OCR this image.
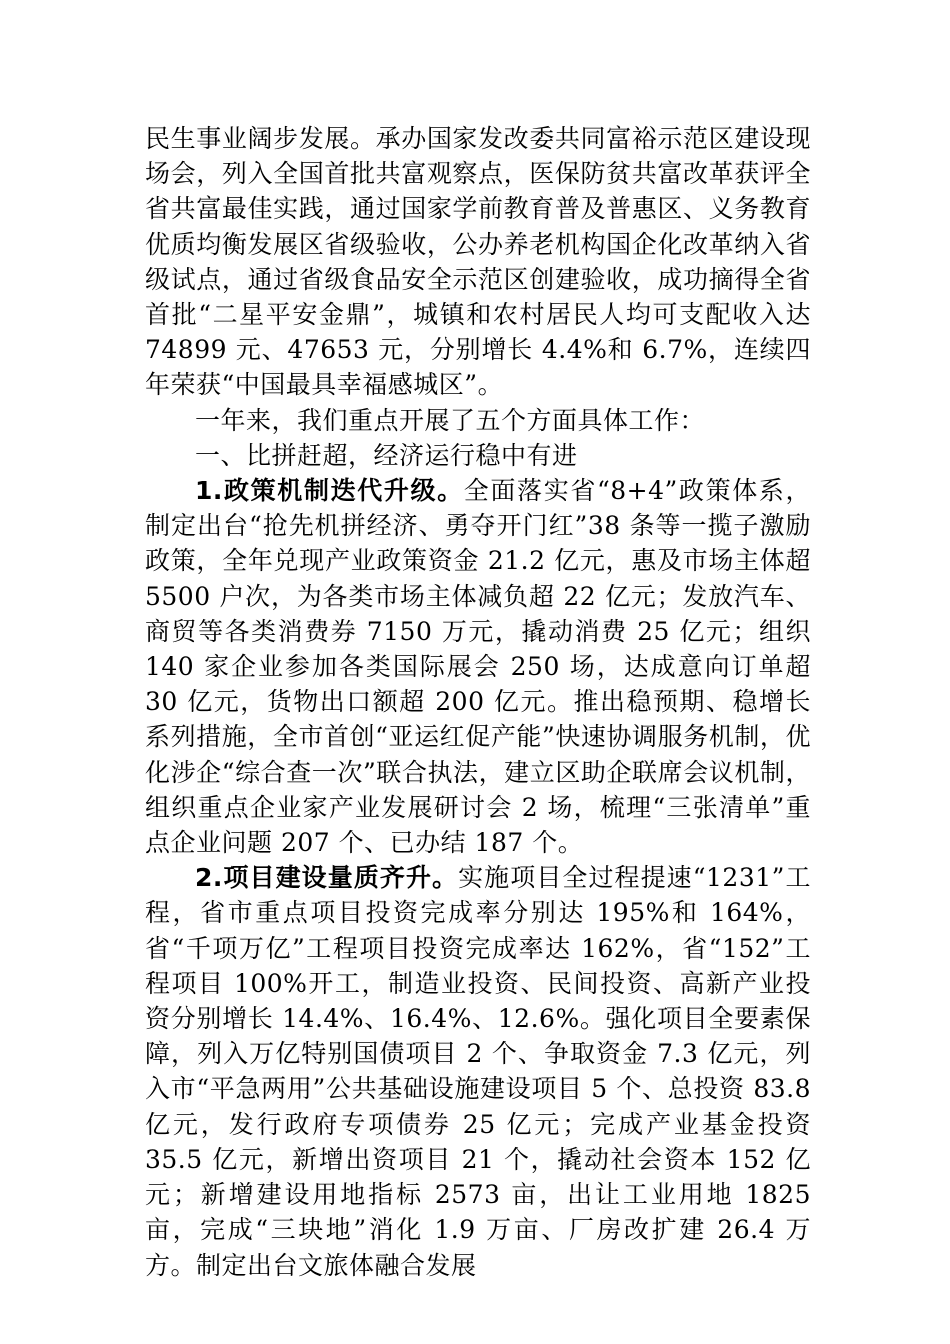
民生事业阔步发展。承办国家发改委共同富裕示范区建设现场会，列入全国首批共富观察点，医保防贫共富改革获评全省共富最佳实践，通过国家学前教育普及普惠区、义务教育优质均衡发展区省级验收，公办养老机构国企化改革纳入省级试点，通过省级食品安全示范区创建验收，成功摘得全省首批“二星平安金鼎”，城镇和农村居民人均可支配收入达 74899 元、47653 元，分别增长 4.4%和 6.7%，连续四年荣获“中国最具幸福感城区”。

一年来，我们重点开展了五个方面具体工作：

一、比拼赶超，经济运行稳中有进

1.政策机制迭代升级。全面落实省“8+4”政策体系，制定出台“抢先机拼经济、勇夺开门红”38 条等一揽子激励政策，全年兑现产业政策资金 21.2 亿元，惠及市场主体超 5500 户次，为各类市场主体减负超 22 亿元；发放汽车、商贸等各类消费券 7150 万元，撬动消费 25 亿元；组织 140 家企业参加各类国际展会 250 场，达成意向订单超 30 亿元，货物出口额超 200 亿元。推出稳预期、稳增长系列措施，全市首创“亚运红促产能”快速协调服务机制，优化涉企“综合查一次”联合执法，建立区助企联席会议机制，组织重点企业家产业发展研讨会 2 场，梳理“三张清单”重点企业问题 207 个、已办结 187 个。

2.项目建设量质齐升。实施项目全过程提速“1231”工程，省市重点项目投资完成率分别达 195%和 164%，省“千项万亿”工程项目投资完成率达 162%，省“152”工程项目 100%开工，制造业投资、民间投资、高新产业投资分别增长 14.4%、16.4%、12.6%。强化项目全要素保障，列入万亿特别国债项目 2 个、争取资金 7.3 亿元，列入市“平急两用”公共基础设施建设项目 5 个、总投资 83.8 亿元，发行政府专项债券 25 亿元；完成产业基金投资 35.5 亿元，新增出资项目 21 个，撬动社会资本 152 亿元；新增建设用地指标 2573 亩，出让工业用地 1825 亩，完成“三块地”消化 1.9 万亩、厂房改扩建 26.4 万方。制定出台文旅体融合发展
